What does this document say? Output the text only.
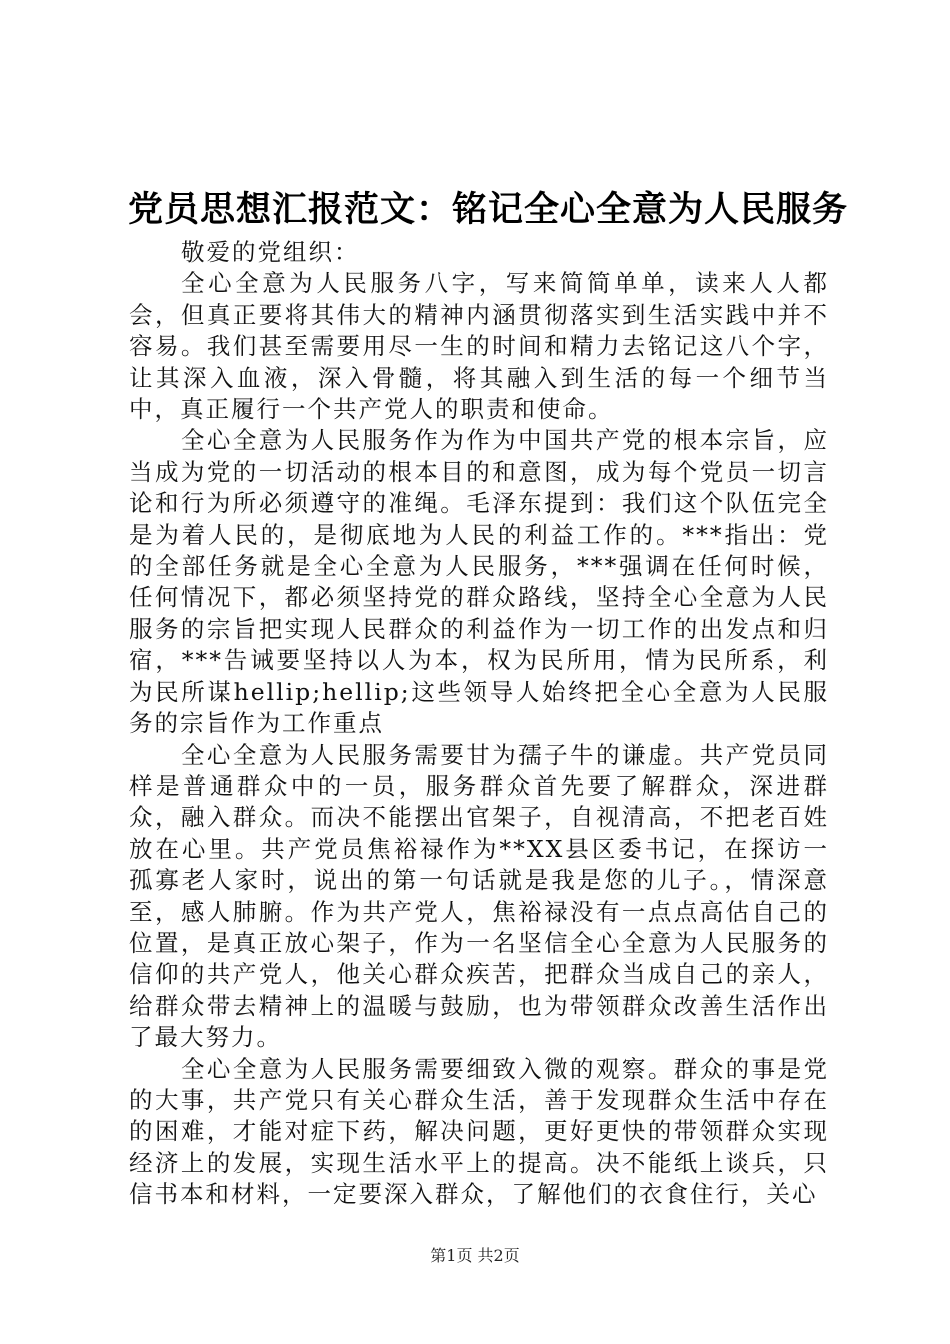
党员思想汇报范文：铭记全心全意为人民服务

敬爱的党组织：

全心全意为人民服务八字，写来简简单单，读来人人都会，但真正要将其伟大的精神内涵贯彻落实到生活实践中并不容易。我们甚至需要用尽一生的时间和精力去铭记这八个字，让其深入血液，深入骨髓，将其融入到生活的每一个细节当中，真正履行一个共产党人的职责和使命。

全心全意为人民服务作为作为中国共产党的根本宗旨，应当成为党的一切活动的根本目的和意图，成为每个党员一切言论和行为所必须遵守的准绳。毛泽东提到：我们这个队伍完全是为着人民的，是彻底地为人民的利益工作的。***指出：党的全部任务就是全心全意为人民服务，***强调在任何时候，任何情况下，都必须坚持党的群众路线，坚持全心全意为人民服务的宗旨把实现人民群众的利益作为一切工作的出发点和归宿，***告诫要坚持以人为本，权为民所用，情为民所系，利为民所谋hellip;hellip;这些领导人始终把全心全意为人民服务的宗旨作为工作重点

全心全意为人民服务需要甘为孺子牛的谦虚。共产党员同样是普通群众中的一员，服务群众首先要了解群众，深进群众，融入群众。而决不能摆出官架子，自视清高，不把老百姓放在心里。共产党员焦裕禄作为**XX县区委书记，在探访一孤寡老人家时，说出的第一句话就是我是您的儿子。，情深意至，感人肺腑。作为共产党人，焦裕禄没有一点点高估自己的位置，是真正放心架子，作为一名坚信全心全意为人民服务的信仰的共产党人，他关心群众疾苦，把群众当成自己的亲人，给群众带去精神上的温暖与鼓励，也为带领群众改善生活作出了最大努力。

全心全意为人民服务需要细致入微的观察。群众的事是党的大事，共产党只有关心群众生活，善于发现群众生活中存在的困难，才能对症下药，解决问题，更好更快的带领群众实现经济上的发展，实现生活水平上的提高。决不能纸上谈兵，只信书本和材料，一定要深入群众，了解他们的衣食住行，关心

第1页 共2页
